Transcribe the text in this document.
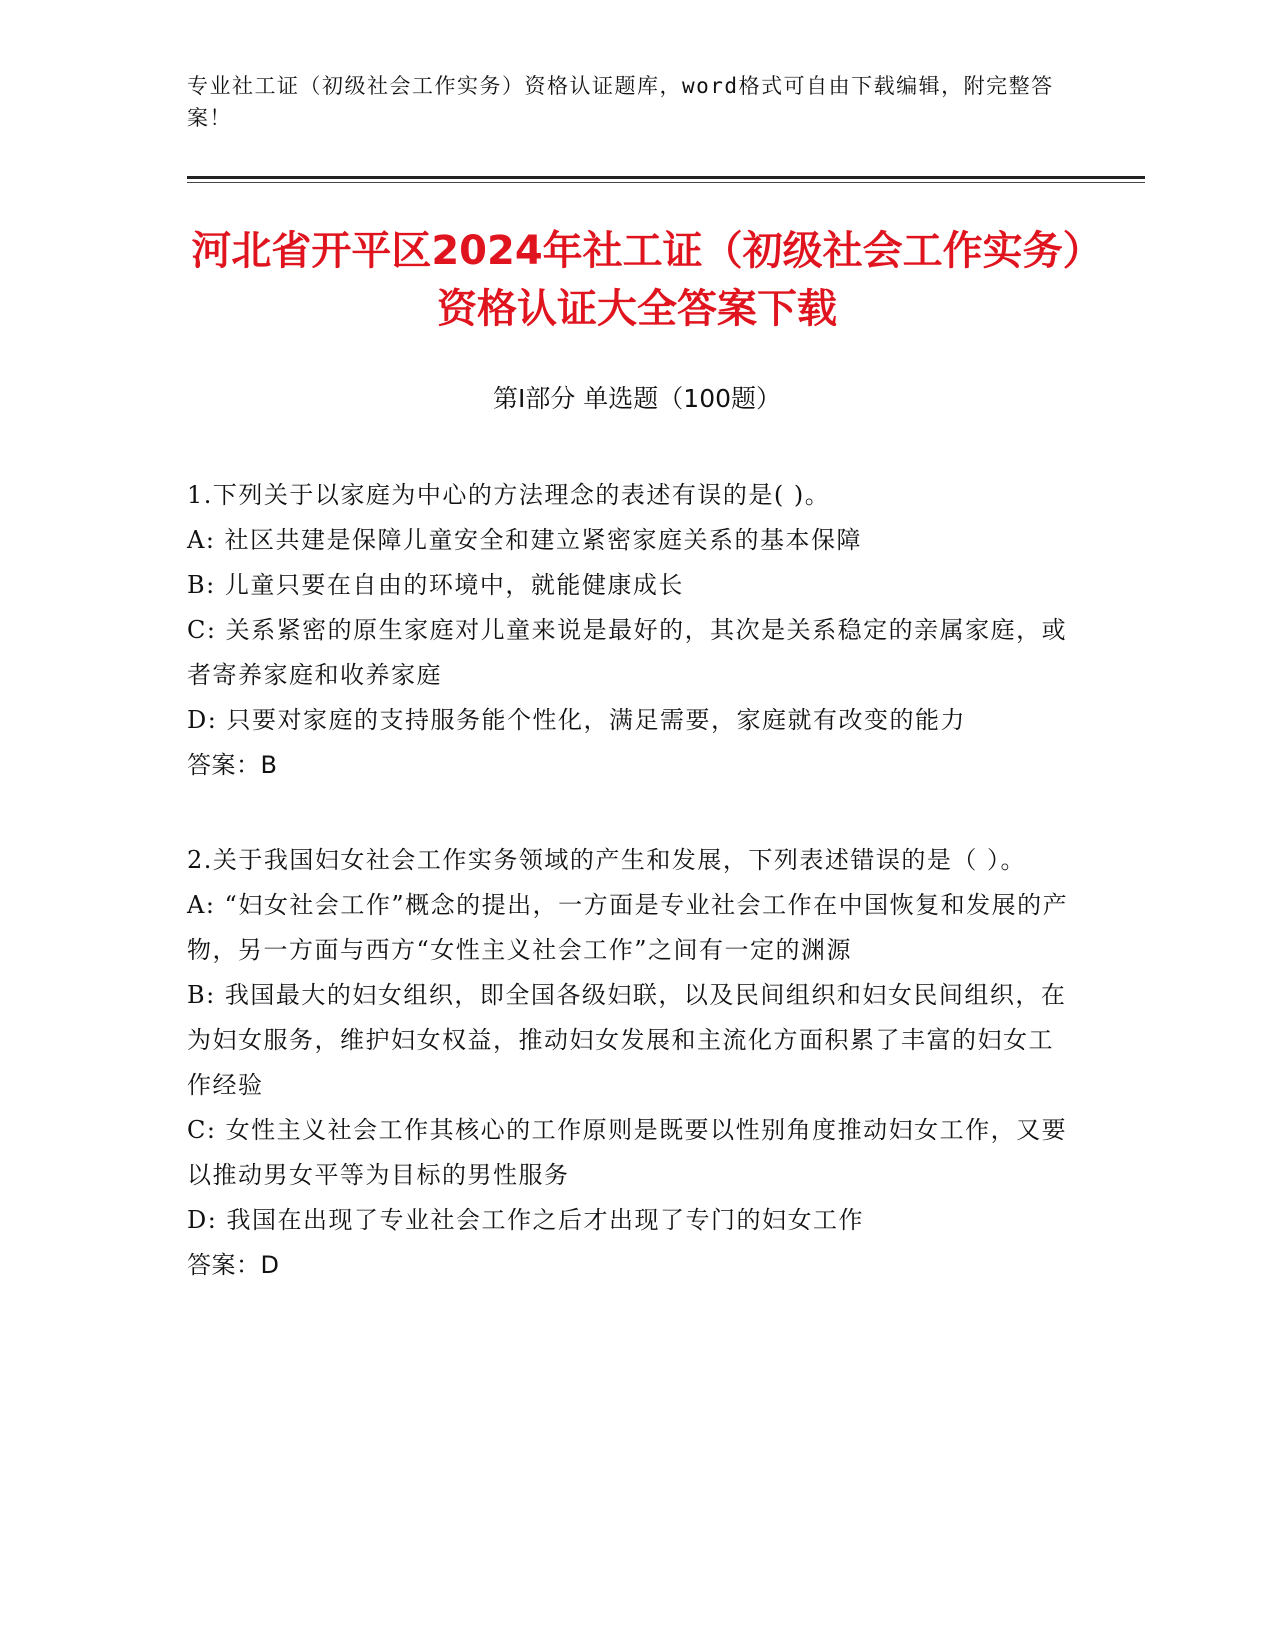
专业社工证（初级社会工作实务）资格认证题库，word格式可自由下载编辑，附完整答案！
河北省开平区2024年社工证（初级社会工作实务）资格认证大全答案下载
第Ⅰ部分 单选题（100题）

1.下列关于以家庭为中心的方法理念的表述有误的是( )。

A: 社区共建是保障儿童安全和建立紧密家庭关系的基本保障

B: 儿童只要在自由的环境中，就能健康成长

C: 关系紧密的原生家庭对儿童来说是最好的，其次是关系稳定的亲属家庭，或者寄养家庭和收养家庭

D: 只要对家庭的支持服务能个性化，满足需要，家庭就有改变的能力

答案：B

2.关于我国妇女社会工作实务领域的产生和发展，下列表述错误的是（ ）。

A: “妇女社会工作”概念的提出，一方面是专业社会工作在中国恢复和发展的产物，另一方面与西方“女性主义社会工作”之间有一定的渊源

B: 我国最大的妇女组织，即全国各级妇联，以及民间组织和妇女民间组织，在为妇女服务，维护妇女权益，推动妇女发展和主流化方面积累了丰富的妇女工作经验

C: 女性主义社会工作其核心的工作原则是既要以性别角度推动妇女工作，又要以推动男女平等为目标的男性服务

D: 我国在出现了专业社会工作之后才出现了专门的妇女工作

答案：D
